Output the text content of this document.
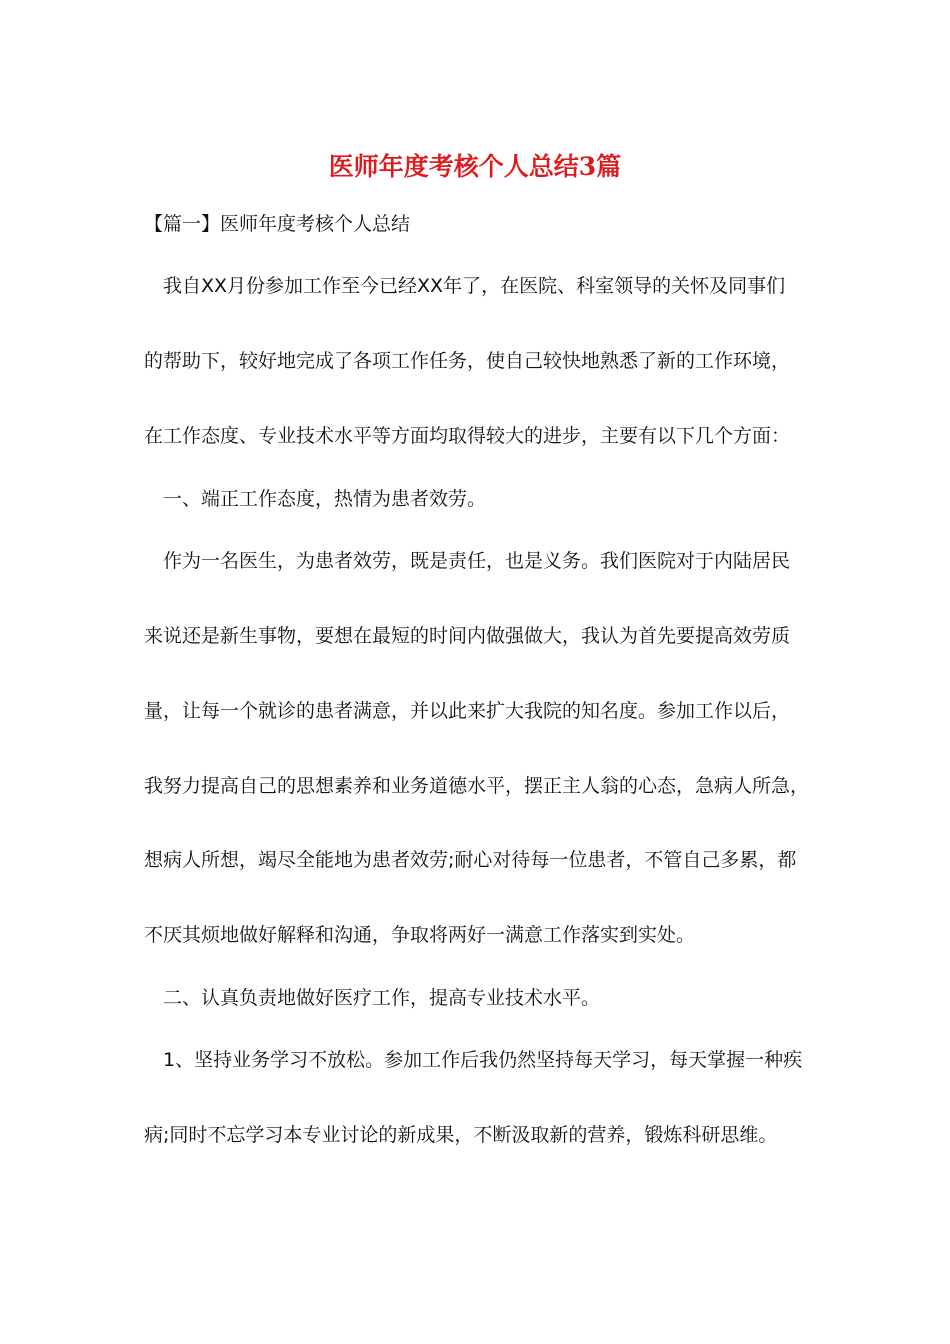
医师年度考核个人总结3篇

【篇一】医师年度考核个人总结

我自XX月份参加工作至今已经XX年了，在医院、科室领导的关怀及同事们

的帮助下，较好地完成了各项工作任务，使自己较快地熟悉了新的工作环境，

在工作态度、专业技术水平等方面均取得较大的进步，主要有以下几个方面：

一、端正工作态度，热情为患者效劳。

作为一名医生，为患者效劳，既是责任，也是义务。我们医院对于内陆居民

来说还是新生事物，要想在最短的时间内做强做大，我认为首先要提高效劳质

量，让每一个就诊的患者满意，并以此来扩大我院的知名度。参加工作以后，

我努力提高自己的思想素养和业务道德水平，摆正主人翁的心态，急病人所急，

想病人所想，竭尽全能地为患者效劳;耐心对待每一位患者，不管自己多累，都

不厌其烦地做好解释和沟通，争取将两好一满意工作落实到实处。

二、认真负责地做好医疗工作，提高专业技术水平。

1、坚持业务学习不放松。参加工作后我仍然坚持每天学习，每天掌握一种疾

病;同时不忘学习本专业讨论的新成果，不断汲取新的营养，锻炼科研思维。
